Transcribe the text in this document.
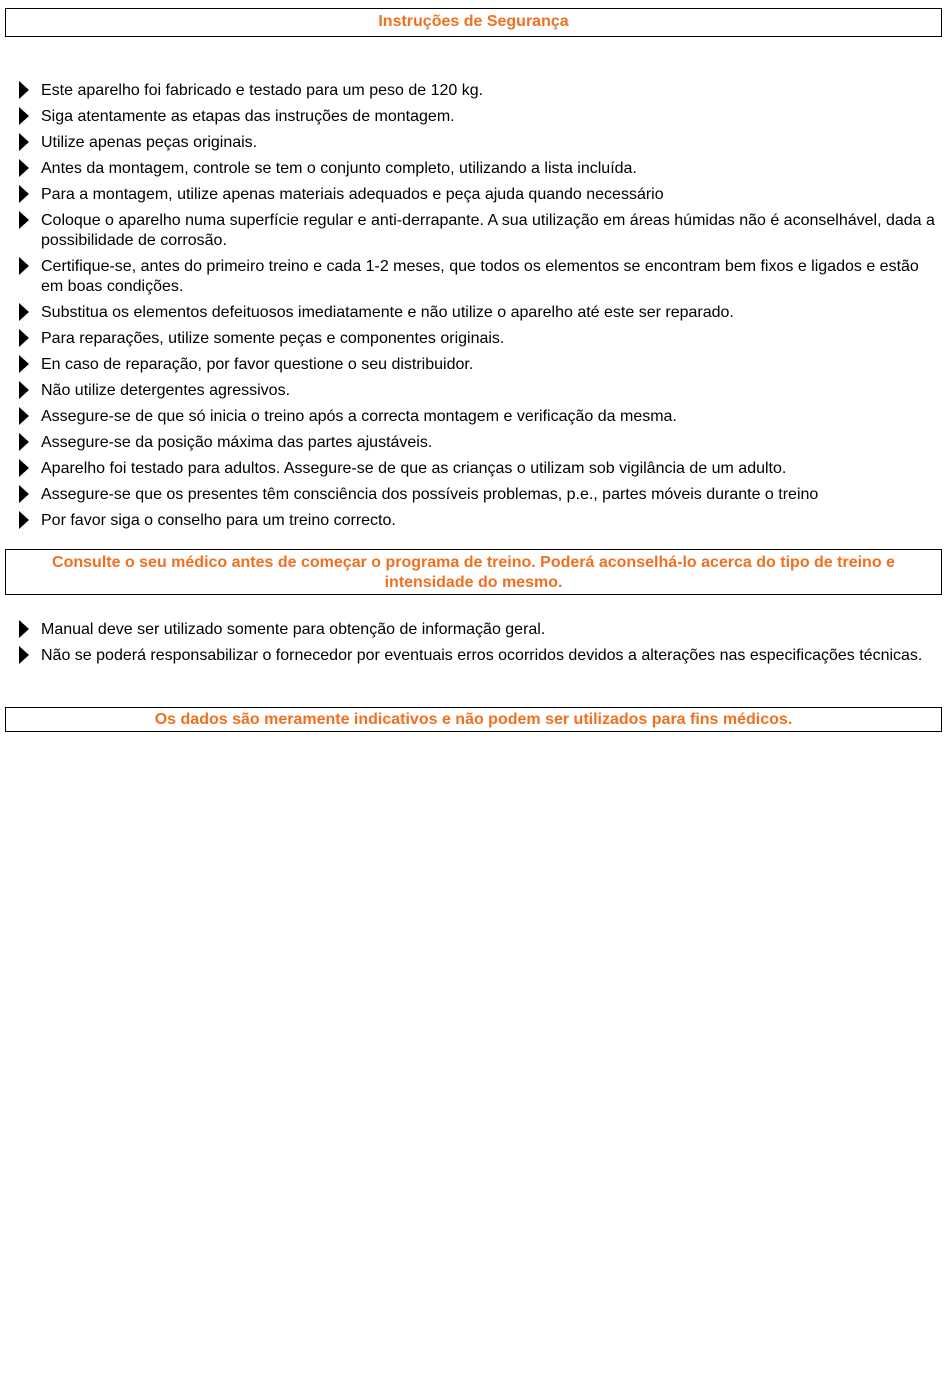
Instruções de Segurança
Este aparelho foi fabricado e testado para um peso de 120 kg.
Siga atentamente as etapas das instruções de montagem.
Utilize apenas peças originais.
Antes da montagem, controle se tem o conjunto completo, utilizando a lista incluída.
Para a montagem, utilize apenas materiais adequados e peça ajuda quando necessário
Coloque o aparelho numa superfície regular e anti-derrapante. A sua utilização em áreas húmidas não é aconselhável, dada a possibilidade de corrosão.
Certifique-se, antes do primeiro treino e cada 1-2 meses, que todos os elementos se encontram bem fixos e ligados e estão em boas condições.
Substitua os elementos defeituosos imediatamente e não utilize o aparelho até este ser reparado.
Para reparações, utilize somente peças e componentes originais.
En caso de reparação, por favor questione o seu distribuidor.
Não utilize detergentes agressivos.
Assegure-se de que só inicia o treino após a correcta montagem e verificação da mesma.
Assegure-se da posição máxima das partes ajustáveis.
Aparelho foi testado para adultos. Assegure-se de que as crianças o utilizam sob vigilância de um adulto.
Assegure-se que os presentes têm consciência dos possíveis problemas, p.e., partes móveis durante o treino
Por favor siga o conselho para um treino correcto.
Consulte o seu médico antes de começar o programa de treino. Poderá aconselhá-lo acerca do tipo de treino e intensidade do mesmo.
Manual deve ser utilizado somente para obtenção de informação geral.
Não se poderá responsabilizar o fornecedor por eventuais erros ocorridos devidos a alterações nas especificações técnicas.
Os dados são meramente indicativos e não podem ser utilizados para fins médicos.
